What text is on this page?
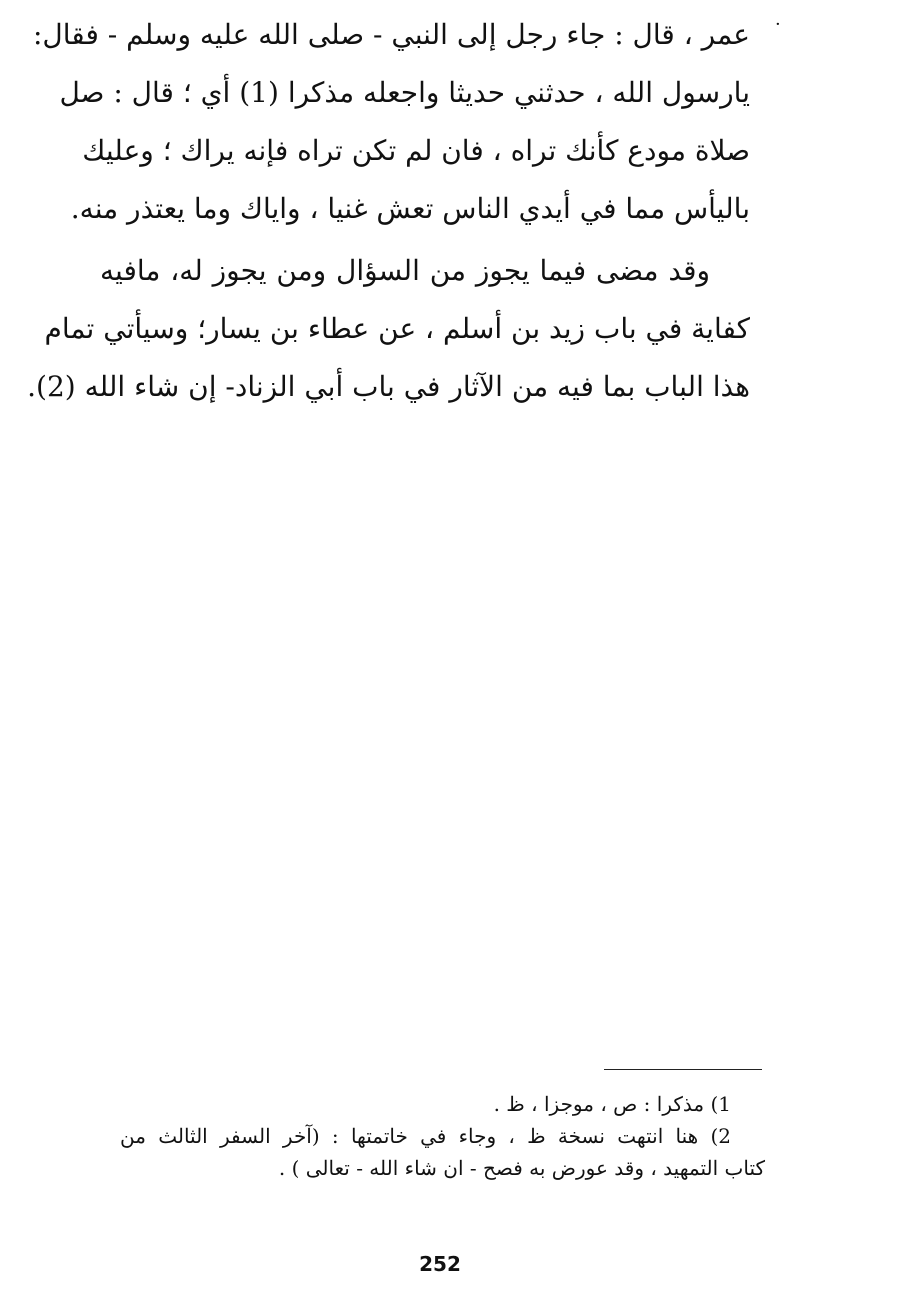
·
عمر ، قال : جاء رجل إلى النبي - صلى الله عليه وسلم - فقال:
يارسول الله ، حدثني حديثا واجعله مذكرا (1) أي ؛ قال : صل
صلاة مودع كأنك تراه ، فان لم تكن تراه فإنه يراك ؛ وعليك
باليأس مما في أيدي الناس تعش غنيا ، واياك وما يعتذر منه.
وقد مضى فيما يجوز من السؤال ومن يجوز له، مافيه
كفاية في باب زيد بن أسلم ، عن عطاء بن يسار؛ وسيأتي تمام
هذا الباب بما فيه من الآثار في باب أبي الزناد- إن شاء الله (2).
1) مذكرا : ص ، موجزا ، ظ .
2) هنا انتهت نسخة ظ ، وجاء في خاتمتها : (آخر السفر الثالث من
كتاب التمهيد ، وقد عورض به فصح - ان شاء الله - تعالى ) .
252
